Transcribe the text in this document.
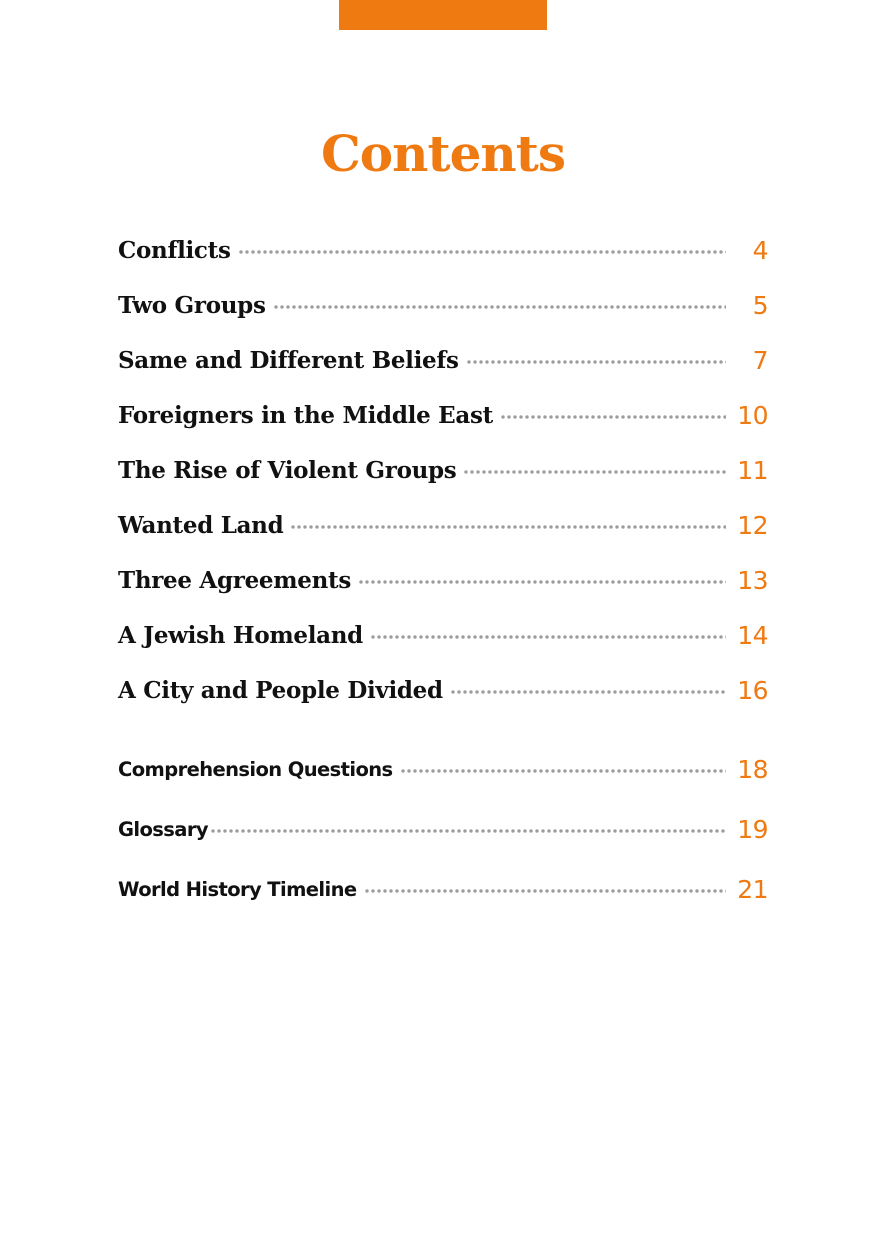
Contents
Conflicts	4
Two Groups	5
Same and Different Beliefs	7
Foreigners in the Middle East	10
The Rise of Violent Groups	11
Wanted Land	12
Three Agreements	13
A Jewish Homeland	14
A City and People Divided	16
Comprehension Questions	18
Glossary	19
World History Timeline	21
